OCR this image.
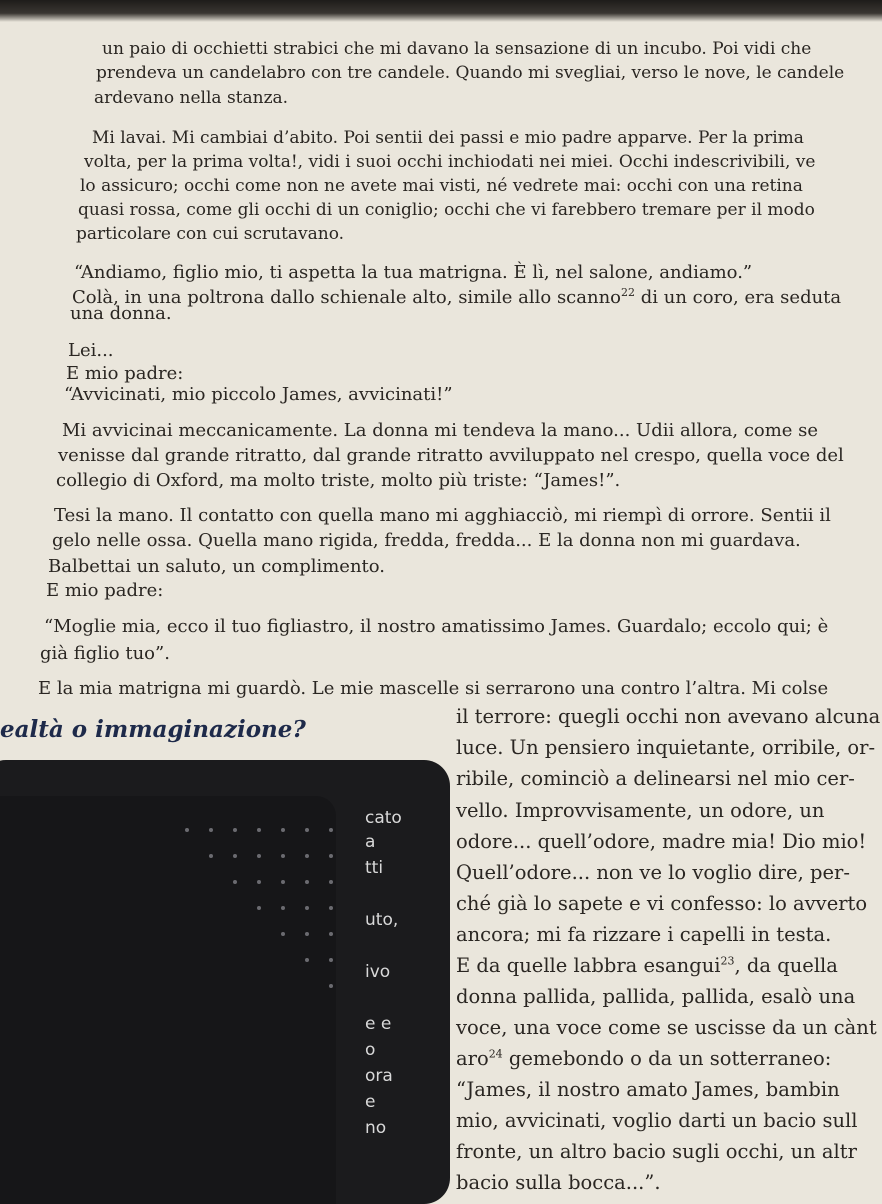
un paio di occhietti strabici che mi davano la sensazione di un incubo. Poi vidi che
prendeva un candelabro con tre candele. Quando mi svegliai, verso le nove, le candele
ardevano nella stanza.
Mi lavai. Mi cambiai d’abito. Poi sentii dei passi e mio padre apparve. Per la prima
volta, per la prima volta!, vidi i suoi occhi inchiodati nei miei. Occhi indescrivibili, ve
lo assicuro; occhi come non ne avete mai visti, né vedrete mai: occhi con una retina
quasi rossa, come gli occhi di un coniglio; occhi che vi farebbero tremare per il modo
particolare con cui scrutavano.
“Andiamo, figlio mio, ti aspetta la tua matrigna. È lì, nel salone, andiamo.”
Colà, in una poltrona dallo schienale alto, simile allo scanno$^{22}$ di un coro, era seduta
una donna.
Lei...
E mio padre:
“Avvicinati, mio piccolo James, avvicinati!”
Mi avvicinai meccanicamente. La donna mi tendeva la mano... Udii allora, come se
venisse dal grande ritratto, dal grande ritratto avviluppato nel crespo, quella voce del
collegio di Oxford, ma molto triste, molto più triste: “James!”.
Tesi la mano. Il contatto con quella mano mi agghiacciò, mi riempì di orrore. Sentii il
gelo nelle ossa. Quella mano rigida, fredda, fredda... E la donna non mi guardava.
Balbettai un saluto, un complimento.
E mio padre:
“Moglie mia, ecco il tuo figliastro, il nostro amatissimo James. Guardalo; eccolo qui; è
già figlio tuo”.
E la mia matrigna mi guardò. Le mie mascelle si serrarono una contro l’altra. Mi colse
il terrore: quegli occhi non avevano alcuna
luce. Un pensiero inquietante, orribile, or-
ribile, cominciò a delinearsi nel mio cer-
vello. Improvvisamente, un odore, un
odore... quell’odore, madre mia! Dio mio!
Quell’odore... non ve lo voglio dire, per-
ché già lo sapete e vi confesso: lo avverto
ancora; mi fa rizzare i capelli in testa.
E da quelle labbra esangui$^{23}$, da quella
donna pallida, pallida, pallida, esalò una
voce, una voce come se uscisse da un cànt
aro$^{24}$ gemebondo o da un sotterraneo:
“James, il nostro amato James, bambin
mio, avvicinati, voglio darti un bacio sull
fronte, un altro bacio sugli occhi, un altr
bacio sulla bocca...”.
ealtà o immaginazione?
cato
a
tti
uto,
ivo
e e
o
ora
e
no
